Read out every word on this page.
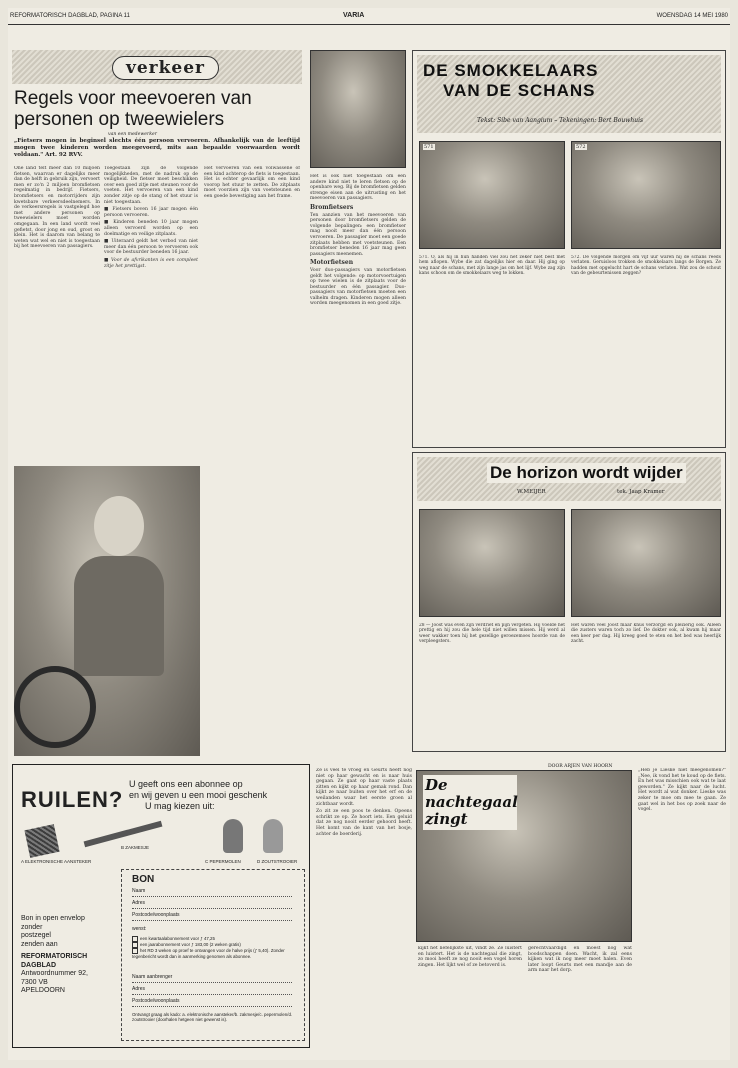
REFORMATORISCH DAGBLAD, PAGINA 11	VARIA	WOENSDAG 14 MEI 1980
verkeer
Regels voor meevoeren van personen op tweewielers
van een medewerker
„Fietsers mogen in beginsel slechts één persoon vervoeren. Afhankelijk van de leeftijd mogen twee kinderen worden meegevoerd, mits aan bepaalde voorwaarden wordt voldaan." Art. 92 RVV.

One land telt meer dan 10 miljoen fietsen, waarvan er dagelijks meer dan de helft in gebruik zijn, vervoert men er zo'n 2 miljoen bromfietsen regelmatig in bedrijf. Fietsers, bromfietsers en motorrijders zijn kwetsbare verkeersdeelnemers. In de verkeersregels is vastgelegd hoe met andere personen op tweewielers moet worden omgegaan. In een land wordt veel gefietst, door jong en oud, groot en klein. Het is daarom van belang te weten wat wel en niet is toegestaan bij het meevoeren van passagiers.

Toegestaan zijn de volgende mogelijkheden, met de nadruk op de veiligheid. De fietser moet beschikken over een goed zitje met steunen voor de voeten. Het vervoeren van een kind zonder zitje op de stang of het stuur is niet toegestaan.

■ Fietsers boven 16 jaar mogen één persoon vervoeren.

■ Kinderen beneden 10 jaar mogen alleen vervoerd worden op een doelmatige en veilige zitplaats.

■ Uiteraard geldt het verbod van niet meer dan één persoon te vervoeren ook voor de bestuurder beneden 16 jaar.

■ Voor de afvrikanten is een compleet zitje het prettigst.

Het vervoeren van een volwassene of een kind achterop de fiets is toegestaan. Het is echter gevaarlijk om een kind voorop het stuur te zetten. De zitplaats moet voorzien zijn van voetsteunen en een goede bevestiging aan het frame.

Het is ook niet toegestaan om een andere kind niet te leren fietsen op de openbare weg. Bij de bromfietsen gelden strenge eisen aan de uitrusting en het meevoeren van passagiers.

Bromfietsers

Ten aanzien van het meevoeren van personen door bromfietsers gelden de volgende bepalingen: een bromfietser mag nooit meer dan één persoon vervoeren. De passagier moet een goede zitplaats hebben met voetsteunen. Een bromfietser beneden 16 jaar mag geen passagiers meenemen.

Motorfietsen

Voor duo-passagiers van motorfietsen geldt het volgende: op motorvoertuigen op twee wielen is de zitplaats voor de bestuurder en één passagier. Duo-passagiers van motorfietsen moeten een valhelm dragen. Kinderen mogen alleen worden meegenomen in een goed zitje.

DE SMOKKELAARS
VAN DE SCHANS
Tekst: Sibe van Aangium – Tekeningen: Bert Bouwhuis
571	572
571. O, als hij in hun handen viel zou het zeker niet best met hem aflopen. Wybe die zat dagelijks hier en daar. Hij ging op weg naar de schans, met zijn lange jas om het lijf. Wybe zag zijn kans schoon om de smokkelaars weg te lokken.
572. De volgende morgen om vijf uur waren hij de schans reeds verlaten. Geruisloos trokken de smokkelaars langs de Borgen. Ze hadden met opgelucht hart de schans verlaten. Wat zou de schout van de gebeurtenissen zeggen?
De horizon wordt wijder
W.MEIJER	tek. Jaap Kramer
28 — Joost was even zijn verdriet en pijn vergeten. Hij voelde het prettig en hij zou die hele tijd niet willen missen. Hij werd al weer wakker toen hij het gezellige geroezemoes hoorde van de verpleegsters.
Het waren veel Joost maar knus verzorgd en plezierig ook. Alleen die zusters waren toch zo lief. De dokter ook, al kwam hij maar een keer per dag. Hij kreeg goed te eten en het bed was heerlijk zacht.
RUILEN?
U geeft ons een abonnee op
en wij geven u een mooi geschenk
U mag kiezen uit:
A ELEKTRONISCHE AANSTEKER
B ZAKMESJE
C PEPERMOLEN	D ZOUTSTROOIER
Bon in open envelop
zonder
postzegel
zenden aan
REFORMATORISCH DAGBLAD
Antwoordnummer 92,
7300 VB APELDOORN
BON
Naam
Adres
Postcode/woonplaats
wenst:
een kwartaalabonnement voor ƒ 47,25
een jaarabonnement voor ƒ 183,00 (2 weken gratis)
het RD 3 weken op proef te ontvangen voor de halve prijs (ƒ 5,40). Zonder tegenbericht wordt dan in aanmerking genomen als abonnee.
Naam aanbrenger
Adres
Postcode/woonplaats
Ontvangt graag als kado: a. elektronische aansteker/b. zakmesje/c. pepermolen/d. zoutstrooier (doorhalen hetgeen niet gewenst is).

Ze is veel te vroeg en Geurts heeft nog niet op haar gewacht en is naar huis gegaan. Ze gaat op haar vaste plaats zitten en kijkt op haar gemak rond. Dan kijkt ze naar buiten over het erf en de weilanden waar het eerste groen al zichtbaar wordt.

Zo zit ze een poos te denken. Opeens schrikt ze op. Ze hoort iets. Een geluid dat ze nog nooit eerder gehoord heeft. Het komt van de kant van het bosje, achter de boerderij.

DOOR ARJEN VAN HOORN
De nachtegaal zingt

kijkt het liefelijkste uit, vindt ze. Ze luistert en luistert. Het is de nachtegaal die zingt, zo mooi heeft ze nog nooit een vogel horen zingen. Het lijkt wel of ze betoverd is.

gerechtvaardigd en moest nog wat boodschappen doen. Wacht, ik zal eens kijken wat ik nog meer moet halen. Even later loopt Geurts met een mandje aan de arm naar het dorp.

„Heb je Lieske niet meegenomen?" „Nee, ik vond het te koud op de fiets. En het was misschien ook wat te laat geworden." Ze kijkt naar de lucht. Het wordt al wat donker. Lieske was zeker te moe om mee te gaan. Ze gaat wel in het bos op zoek naar de vogel.
